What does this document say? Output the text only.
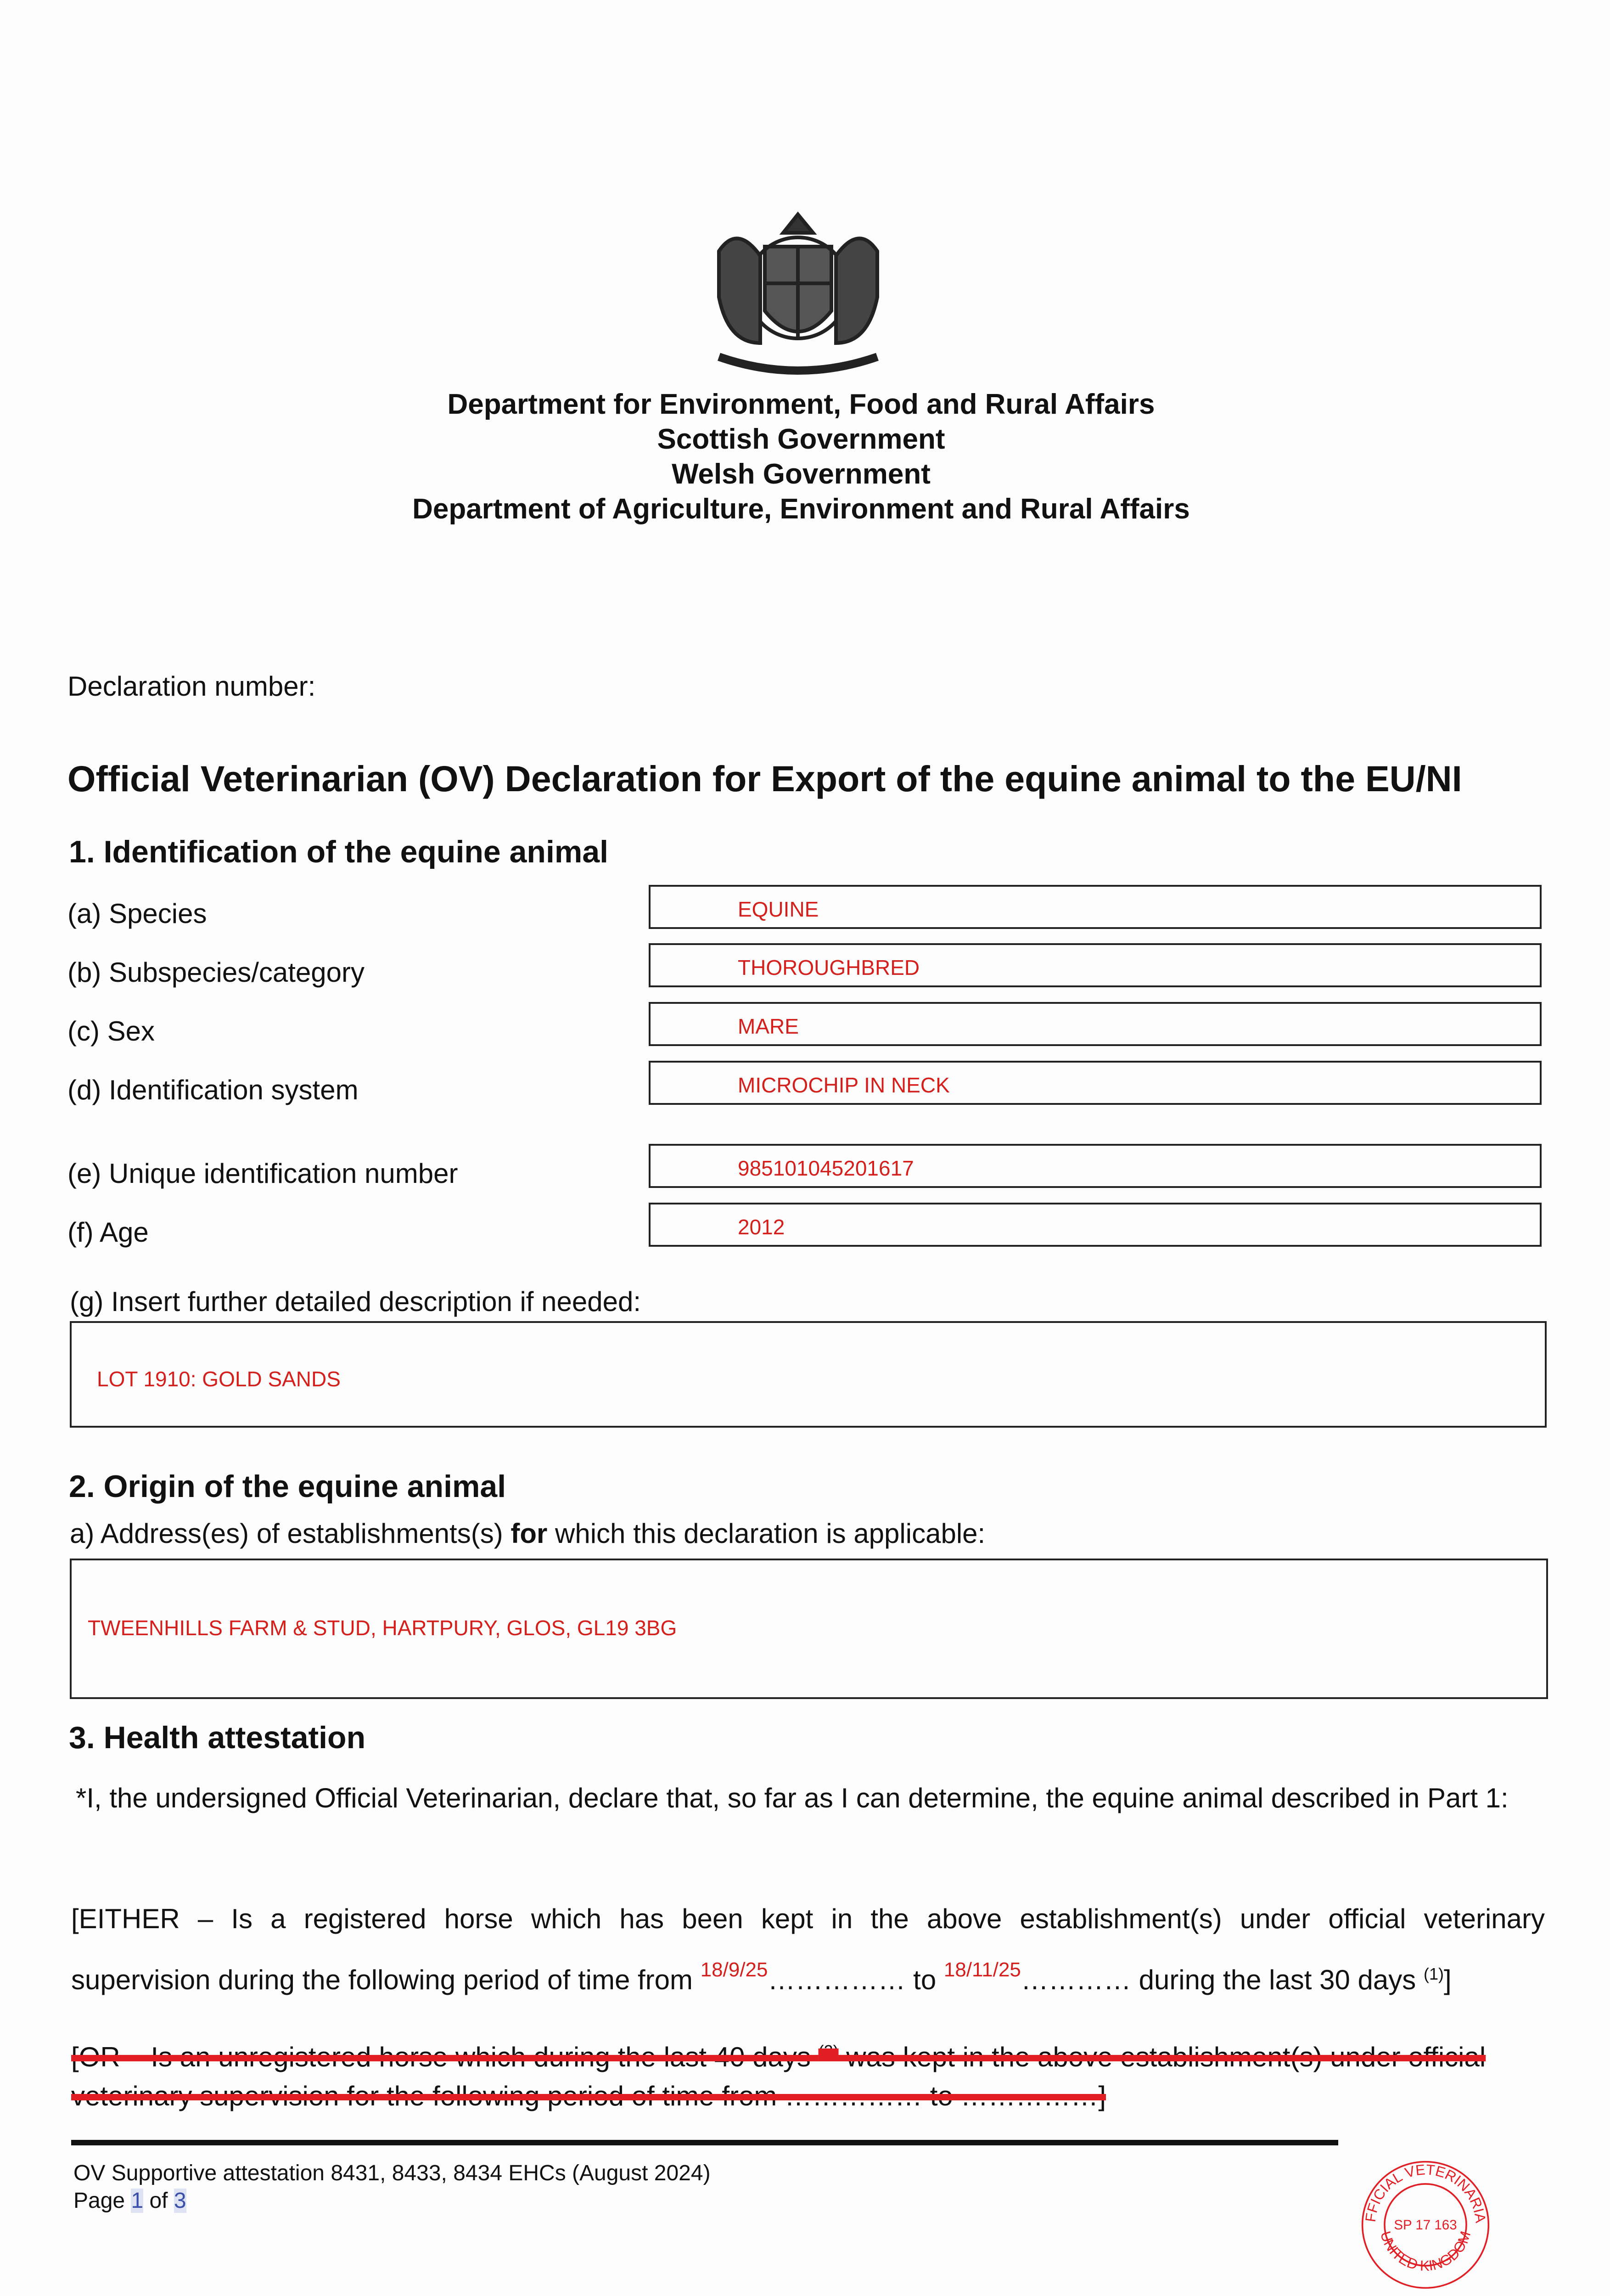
Department for Environment, Food and Rural Affairs
Scottish Government
Welsh Government
Department of Agriculture, Environment and Rural Affairs
Declaration number:
Official Veterinarian (OV) Declaration for Export of the equine animal to the EU/NI
1. Identification of the equine animal
(a) Species	EQUINE
(b) Subspecies/category	THOROUGHBRED
(c) Sex	MARE
(d) Identification system	MICROCHIP IN NECK
(e) Unique identification number	985101045201617
(f) Age	2012
(g) Insert further detailed description if needed:
LOT 1910: GOLD SANDS
2. Origin of the equine animal
a) Address(es) of establishments(s) for which this declaration is applicable:
TWEENHILLS FARM & STUD, HARTPURY, GLOS, GL19 3BG
3. Health attestation
*I, the undersigned Official Veterinarian, declare that, so far as I can determine, the equine animal described in Part 1:
[EITHER – Is a registered horse which has been kept in the above establishment(s) under official veterinary
supervision during the following period of time from $^{18/9/25}$…………… to $^{18/11/25}$………… during the last 30 days $^{(1)}$]
[OR – Is an unregistered horse which during the last 40 days $^{(2)}$ was kept in the above establishment(s) under official
veterinary supervision for the following period of time from …………… to ……………]
FFICIAL VETERINARIA
UNITED KINGDOM
SP 17 163
OV Supportive attestation 8431, 8433, 8434 EHCs (August 2024)
Page 1 of 3
